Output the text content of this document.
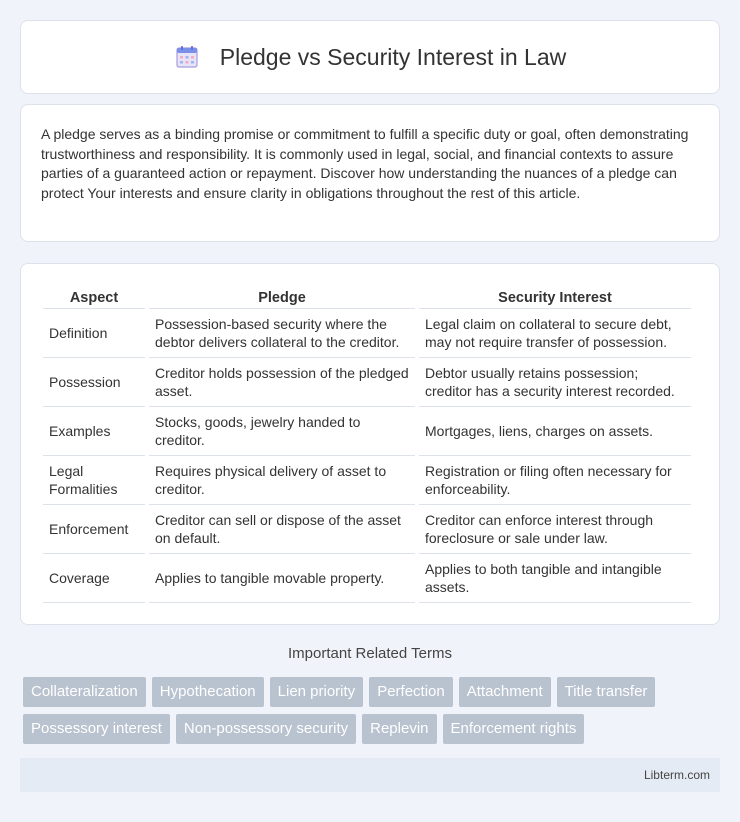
Pledge vs Security Interest in Law

A pledge serves as a binding promise or commitment to fulfill a specific duty or goal, often demonstrating trustworthiness and responsibility. It is commonly used in legal, social, and financial contexts to assure parties of a guaranteed action or repayment. Discover how understanding the nuances of a pledge can protect Your interests and ensure clarity in obligations throughout the rest of this article.

Aspect	Pledge	Security Interest
Definition	Possession-based security where the debtor delivers collateral to the creditor.	Legal claim on collateral to secure debt, may not require transfer of possession.
Possession	Creditor holds possession of the pledged asset.	Debtor usually retains possession; creditor has a security interest recorded.
Examples	Stocks, goods, jewelry handed to creditor.	Mortgages, liens, charges on assets.
Legal Formalities	Requires physical delivery of asset to creditor.	Registration or filing often necessary for enforceability.
Enforcement	Creditor can sell or dispose of the asset on default.	Creditor can enforce interest through foreclosure or sale under law.
Coverage	Applies to tangible movable property.	Applies to both tangible and intangible assets.
Important Related Terms
Collateralization	Hypothecation	Lien priority	Perfection	Attachment	Title transfer
Possessory interest	Non-possessory security	Replevin	Enforcement rights
Libterm.com
